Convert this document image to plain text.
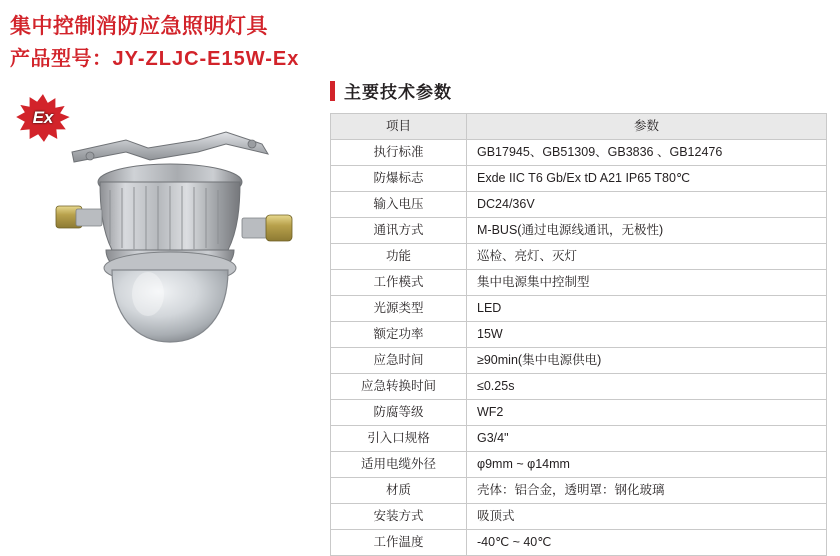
集中控制消防应急照明灯具
产品型号：JY-ZLJC-E15W-Ex
Ex
主要技术参数
项目	参数
执行标准	GB17945、GB51309、GB3836 、GB12476
防爆标志	Exde IIC T6 Gb/Ex tD A21 IP65 T80℃
输入电压	DC24/36V
通讯方式	M-BUS(通过电源线通讯，无极性)
功能	巡检、亮灯、灭灯
工作模式	集中电源集中控制型
光源类型	LED
额定功率	15W
应急时间	≥90min(集中电源供电)
应急转换时间	≤0.25s
防腐等级	WF2
引入口规格	G3/4"
适用电缆外径	φ9mm ~ φ14mm
材质	壳体：铝合金，透明罩：钢化玻璃
安装方式	吸顶式
工作温度	-40℃ ~ 40℃
